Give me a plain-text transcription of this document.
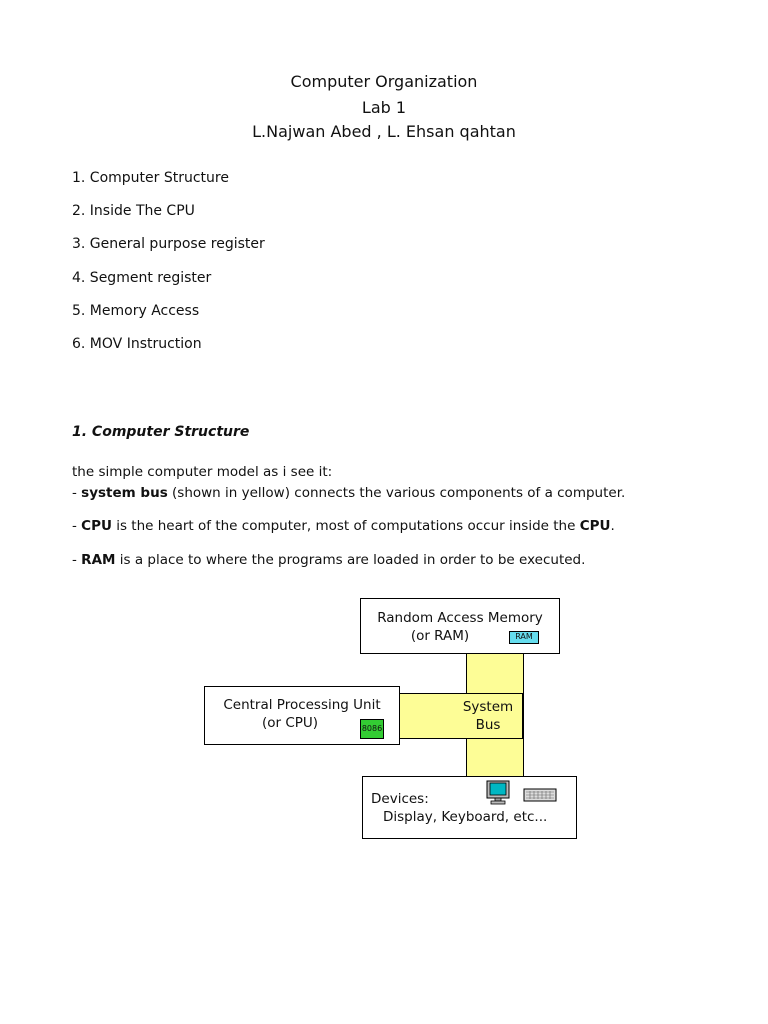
Computer Organization
Lab 1
L.Najwan Abed , L. Ehsan qahtan
1. Computer Structure
2. Inside The CPU
3. General purpose register
4. Segment register
5. Memory Access
6. MOV Instruction
1. Computer Structure
the simple computer model as i see it:
- system bus (shown in yellow) connects the various components of a computer.
- CPU is the heart of the computer, most of computations occur inside the CPU.
- RAM is a place to where the programs are loaded in order to be executed.
System
Bus
Random Access Memory
(or RAM)	RAM
Central Processing Unit
(or CPU)	8086
Devices:
Display, Keyboard, etc...
